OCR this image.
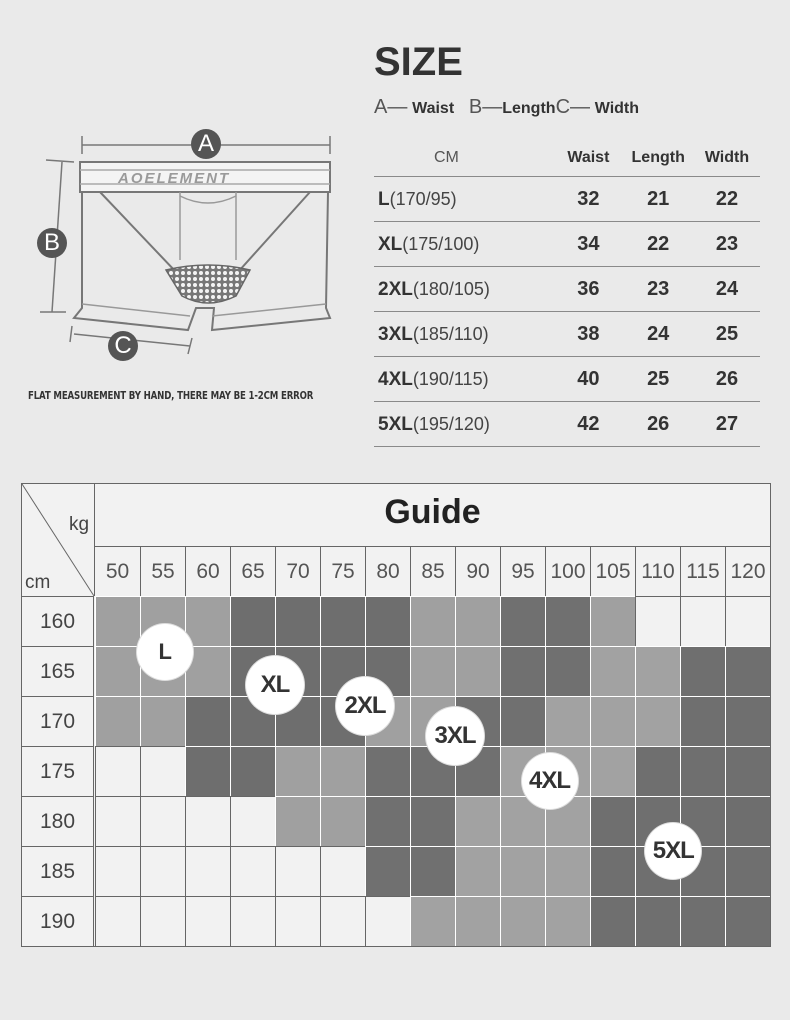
AOELEMENT
A
B
C
FLAT MEASUREMENT BY HAND, THERE MAY BE 1-2CM ERROR
SIZE
A— Waist B—LengthC— Width
CM	Waist	Length	Width
L(170/95)	32	21	22
XL(175/100)	34	22	23
2XL(180/105)	36	23	24
3XL(185/110)	38	24	25
4XL(190/115)	40	25	26
5XL(195/120)	42	26	27
kg
cm
Guide
50	55	60	65	70	75	80	85	90	95 100 105 110 115 120
160
165
170
175
180
185
190
L
XL
2XL
3XL
4XL
5XL
